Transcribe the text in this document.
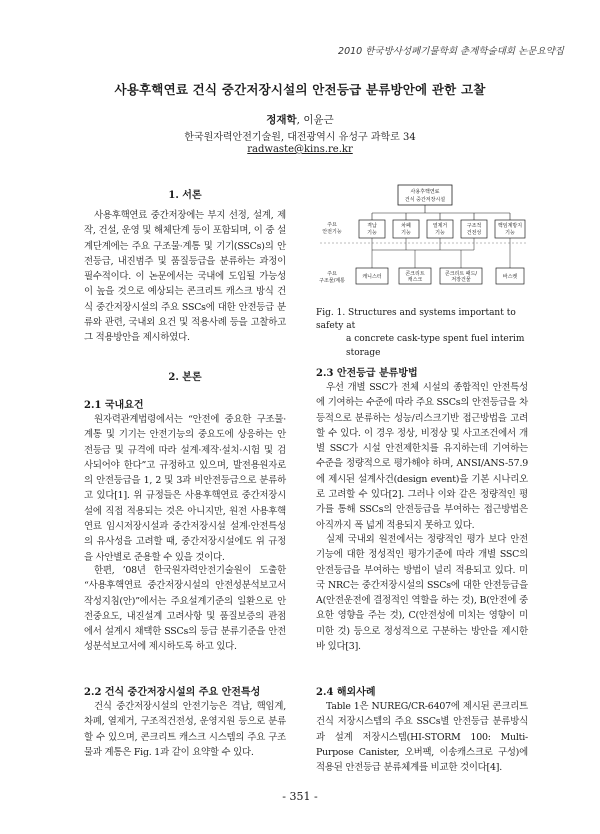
2010 한국방사성폐기물학회 춘계학술대회 논문요약집
사용후핵연료 건식 중간저장시설의 안전등급 분류방안에 관한 고찰
정재학, 이윤근
한국원자력안전기술원, 대전광역시 유성구 과학로 34
radwaste@kins.re.kr
1. 서론

사용후핵연료 중간저장에는 부지 선정, 설계, 제작, 건설, 운영 및 해체단계 등이 포함되며, 이 중 설계단계에는 주요 구조물·계통 및 기기(SSCs)의 안전등급, 내진범주 및 품질등급을 분류하는 과정이 필수적이다. 이 논문에서는 국내에 도입될 가능성이 높을 것으로 예상되는 콘크리트 캐스크 방식 건식 중간저장시설의 주요 SSCs에 대한 안전등급 분류와 관련, 국내외 요건 및 적용사례 등을 고찰하고 그 적용방안을 제시하였다.

2. 본론
2.1 국내요건

원자력관계법령에서는 “안전에 중요한 구조물·계통 및 기기는 안전기능의 중요도에 상응하는 안전등급 및 규격에 따라 설계·제작·설치·시험 및 검사되어야 한다”고 규정하고 있으며, 발전용원자로의 안전등급을 1, 2 및 3과 비안전등급으로 분류하고 있다[1]. 위 규정들은 사용후핵연료 중간저장시설에 직접 적용되는 것은 아니지만, 원전 사용후핵연료 임시저장시설과 중간저장시설 설계·안전특성의 유사성을 고려할 때, 중간저장시설에도 위 규정을 사안별로 준용할 수 있을 것이다.

한편, ’08년 한국원자력안전기술원이 도출한 “사용후핵연료 중간저장시설의 안전성분석보고서 작성지침(안)”에서는 주요설계기준의 일환으로 안전중요도, 내진설계 고려사항 및 품질보증의 관점에서 설계시 채택한 SSCs의 등급 분류기준을 안전성분석보고서에 제시하도록 하고 있다.

2.2 건식 중간저장시설의 주요 안전특성

건식 중간저장시설의 안전기능은 격납, 핵임계, 차폐, 열제거, 구조적건전성, 운영지원 등으로 분류할 수 있으며, 콘크리트 캐스크 시스템의 주요 구조물과 계통은 Fig. 1과 같이 요약할 수 있다.

사용후핵연료
건식 중간저장시설
주요
안전기능
격납
기능
차폐
기능
열제거
기능
구조적
건전성
핵임계방지
기능
주요
구조물/계통
캐니스터	콘크리트
캐스크
콘크리트 패드/
저장건물	바스켓
Fig. 1. Structures and systems important to safety at
a concrete cask-type spent fuel interim
storage
2.3 안전등급 분류방법

우선 개별 SSC가 전체 시설의 종합적인 안전특성에 기여하는 수준에 따라 주요 SSCs의 안전등급을 차등적으로 분류하는 성능/리스크기반 접근방법을 고려할 수 있다. 이 경우 정상, 비정상 및 사고조건에서 개별 SSC가 시설 안전제한치를 유지하는데 기여하는 수준을 정량적으로 평가해야 하며, ANSI/ANS-57.9에 제시된 설계사건(design event)을 기본 시나리오로 고려할 수 있다[2]. 그러나 이와 같은 정량적인 평가를 통해 SSCs의 안전등급을 부여하는 접근방법은 아직까지 폭 넓게 적용되지 못하고 있다.

실제 국내외 원전에서는 정량적인 평가 보다 안전기능에 대한 정성적인 평가기준에 따라 개별 SSC의 안전등급을 부여하는 방법이 널리 적용되고 있다. 미국 NRC는 중간저장시설의 SSCs에 대한 안전등급을 A(안전운전에 결정적인 역할을 하는 것), B(안전에 중요한 영향을 주는 것), C(안전성에 미치는 영향이 미미한 것) 등으로 정성적으로 구분하는 방안을 제시한 바 있다[3].

2.4 해외사례

Table 1은 NUREG/CR-6407에 제시된 콘크리트 건식 저장시스템의 주요 SSCs별 안전등급 분류방식과 설계 저장시스템(HI-STORM 100: Multi-Purpose Canister, 오버팩, 이송캐스크로 구성)에 적용된 안전등급 분류체계를 비교한 것이다[4].

- 351 -
